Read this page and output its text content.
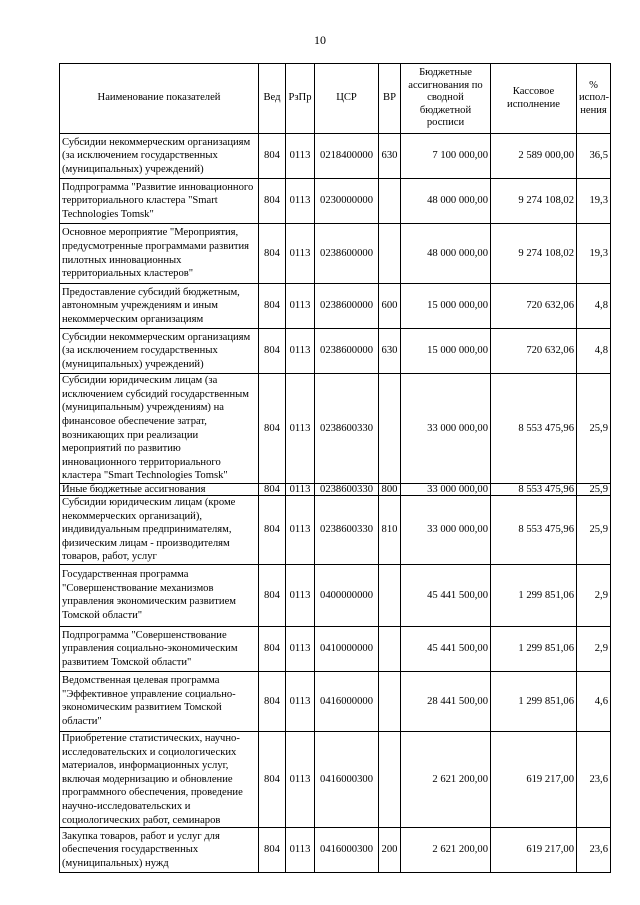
10
Наименование показателей	Вед	РзПр	ЦСР	ВР	Бюджетные ассигнования по сводной бюджетной росписи	Кассовое исполнение	% испол-нения
Субсидии некоммерческим организациям (за исключением государственных (муниципальных) учреждений)	804	0113	0218400000	630	7 100 000,00	2 589 000,00	36,5
Подпрограмма "Развитие инновационного территориального кластера "Smart Technologies Tomsk"	804	0113	0230000000		48 000 000,00	9 274 108,02	19,3
Основное мероприятие "Мероприятия, предусмотренные программами развития пилотных инновационных территориальных кластеров"	804	0113	0238600000		48 000 000,00	9 274 108,02	19,3
Предоставление субсидий бюджетным, автономным учреждениям и иным некоммерческим организациям	804	0113	0238600000	600	15 000 000,00	720 632,06	4,8
Субсидии некоммерческим организациям (за исключением государственных (муниципальных) учреждений)	804	0113	0238600000	630	15 000 000,00	720 632,06	4,8
Субсидии юридическим лицам (за исключением субсидий государственным (муниципальным) учреждениям) на финансовое обеспечение затрат, возникающих при реализации мероприятий по развитию инновационного территориального кластера "Smart Technologies Tomsk"	804	0113	0238600330		33 000 000,00	8 553 475,96	25,9
Иные бюджетные ассигнования	804	0113	0238600330	800	33 000 000,00	8 553 475,96	25,9
Субсидии юридическим лицам (кроме некоммерческих организаций), индивидуальным предпринимателям, физическим лицам - производителям товаров, работ, услуг	804	0113	0238600330	810	33 000 000,00	8 553 475,96	25,9
Государственная программа "Совершенствование механизмов управления экономическим развитием Томской области"	804	0113	0400000000		45 441 500,00	1 299 851,06	2,9
Подпрограмма "Совершенствование управления социально-экономическим развитием Томской области"	804	0113	0410000000		45 441 500,00	1 299 851,06	2,9
Ведомственная целевая программа "Эффективное управление социально-экономическим развитием Томской области"	804	0113	0416000000		28 441 500,00	1 299 851,06	4,6
Приобретение статистических, научно-исследовательских и социологических материалов, информационных услуг, включая модернизацию и обновление программного обеспечения, проведение научно-исследовательских и социологических работ, семинаров	804	0113	0416000300		2 621 200,00	619 217,00	23,6
Закупка товаров, работ и услуг для обеспечения государственных (муниципальных) нужд	804	0113	0416000300	200	2 621 200,00	619 217,00	23,6
